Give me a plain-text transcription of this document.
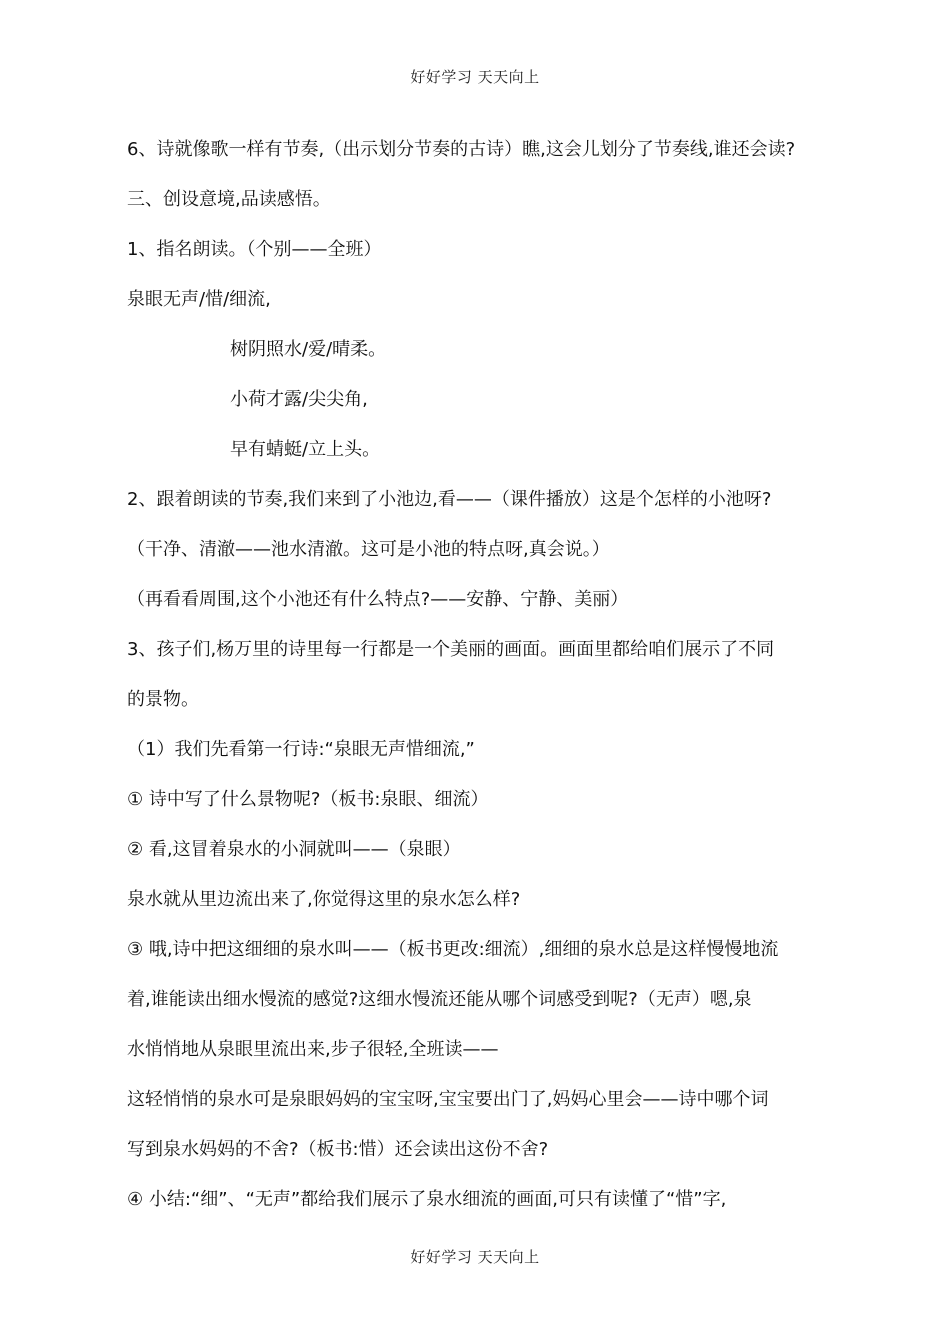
好好学习 天天向上
6、诗就像歌一样有节奏,（出示划分节奏的古诗）瞧,这会儿划分了节奏线,谁还会读?
三、创设意境,品读感悟。
1、指名朗读。（个别——全班）
泉眼无声/惜/细流,
树阴照水/爱/晴柔。
小荷才露/尖尖角,
早有蜻蜓/立上头。
2、跟着朗读的节奏,我们来到了小池边,看——（课件播放）这是个怎样的小池呀?
（干净、清澈——池水清澈。这可是小池的特点呀,真会说。）
（再看看周围,这个小池还有什么特点?——安静、宁静、美丽）
3、孩子们,杨万里的诗里每一行都是一个美丽的画面。画面里都给咱们展示了不同
的景物。
（1）我们先看第一行诗:“泉眼无声惜细流,”
① 诗中写了什么景物呢?（板书:泉眼、细流）
② 看,这冒着泉水的小洞就叫——（泉眼）
泉水就从里边流出来了,你觉得这里的泉水怎么样?
③ 哦,诗中把这细细的泉水叫——（板书更改:细流）,细细的泉水总是这样慢慢地流
着,谁能读出细水慢流的感觉?这细水慢流还能从哪个词感受到呢?（无声）嗯,泉
水悄悄地从泉眼里流出来,步子很轻,全班读——
这轻悄悄的泉水可是泉眼妈妈的宝宝呀,宝宝要出门了,妈妈心里会——诗中哪个词
写到泉水妈妈的不舍?（板书:惜）还会读出这份不舍?
④ 小结:“细”、“无声”都给我们展示了泉水细流的画面,可只有读懂了“惜”字,
好好学习 天天向上
